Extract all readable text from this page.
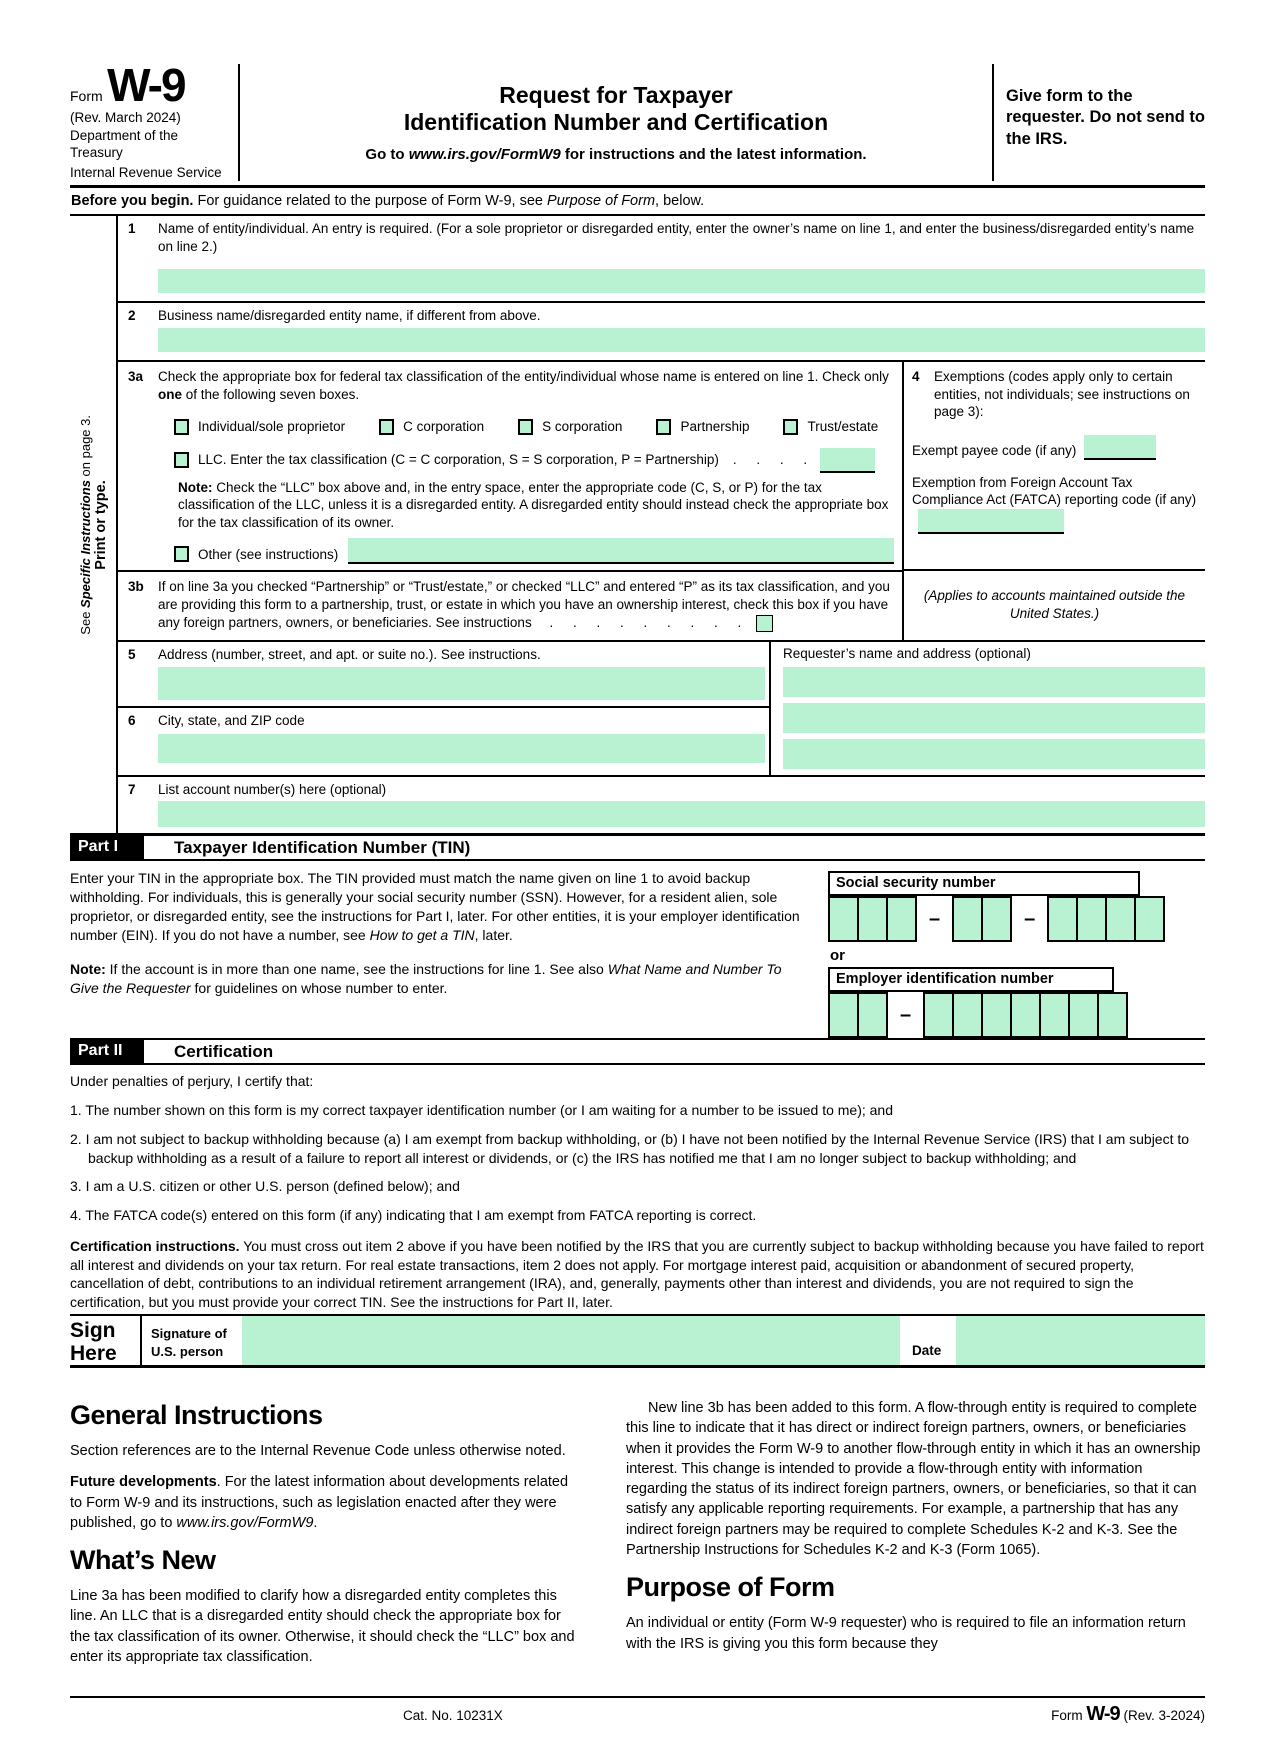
Form W-9
(Rev. March 2024)
Department of the Treasury
Internal Revenue Service
Request for Taxpayer
Identification Number and Certification
Go to www.irs.gov/FormW9 for instructions and the latest information.
Give form to the requester. Do not send to the IRS.
Before you begin. For guidance related to the purpose of Form W-9, see Purpose of Form, below.
Print or type.
See Specific Instructions on page 3.
1	Name of entity/individual. An entry is required. (For a sole proprietor or disregarded entity, enter the owner’s name on line 1, and enter the business/disregarded entity’s name on line 2.)
2	Business name/disregarded entity name, if different from above.
3a	Check the appropriate box for federal tax classification of the entity/individual whose name is entered on line 1. Check only one of the following seven boxes.
Individual/sole proprietor	C corporation	S corporation	Partnership	Trust/estate
LLC. Enter the tax classification (C = C corporation, S = S corporation, P = Partnership) . . . .
Note: Check the “LLC” box above and, in the entry space, enter the appropriate code (C, S, or P) for the tax classification of the LLC, unless it is a disregarded entity. A disregarded entity should instead check the appropriate box for the tax classification of its owner.
Other (see instructions)
3b	If on line 3a you checked “Partnership” or “Trust/estate,” or checked “LLC” and entered “P” as its tax classification, and you are providing this form to a partnership, trust, or estate in which you have an ownership interest, check this box if you have any foreign partners, owners, or beneficiaries. See instructions . . . . . . . . .
4	Exemptions (codes apply only to certain entities, not individuals; see instructions on page 3):
Exempt payee code (if any)
Exemption from Foreign Account Tax Compliance Act (FATCA) reporting code (if any)
(Applies to accounts maintained outside the United States.)
5	Address (number, street, and apt. or suite no.). See instructions.
6	City, state, and ZIP code
Requester’s name and address (optional)
7	List account number(s) here (optional)
Part I	Taxpayer Identification Number (TIN)

Enter your TIN in the appropriate box. The TIN provided must match the name given on line 1 to avoid backup withholding. For individuals, this is generally your social security number (SSN). However, for a resident alien, sole proprietor, or disregarded entity, see the instructions for Part I, later. For other entities, it is your employer identification number (EIN). If you do not have a number, see How to get a TIN, later.

Note: If the account is in more than one name, see the instructions for line 1. See also What Name and Number To Give the Requester for guidelines on whose number to enter.

Social security number
–	–
or
Employer identification number
–
Part II	Certification
Under penalties of perjury, I certify that:
1. The number shown on this form is my correct taxpayer identification number (or I am waiting for a number to be issued to me); and
2. I am not subject to backup withholding because (a) I am exempt from backup withholding, or (b) I have not been notified by the Internal Revenue Service (IRS) that I am subject to backup withholding as a result of a failure to report all interest or dividends, or (c) the IRS has notified me that I am no longer subject to backup withholding; and
3. I am a U.S. citizen or other U.S. person (defined below); and
4. The FATCA code(s) entered on this form (if any) indicating that I am exempt from FATCA reporting is correct.
Certification instructions. You must cross out item 2 above if you have been notified by the IRS that you are currently subject to backup withholding because you have failed to report all interest and dividends on your tax return. For real estate transactions, item 2 does not apply. For mortgage interest paid, acquisition or abandonment of secured property, cancellation of debt, contributions to an individual retirement arrangement (IRA), and, generally, payments other than interest and dividends, you are not required to sign the certification, but you must provide your correct TIN. See the instructions for Part II, later.
Sign
Here
Signature of
U.S. person	Date
General Instructions

Section references are to the Internal Revenue Code unless otherwise noted.

Future developments. For the latest information about developments related to Form W-9 and its instructions, such as legislation enacted after they were published, go to www.irs.gov/FormW9.

What’s New

Line 3a has been modified to clarify how a disregarded entity completes this line. An LLC that is a disregarded entity should check the appropriate box for the tax classification of its owner. Otherwise, it should check the “LLC” box and enter its appropriate tax classification.

New line 3b has been added to this form. A flow-through entity is required to complete this line to indicate that it has direct or indirect foreign partners, owners, or beneficiaries when it provides the Form W-9 to another flow-through entity in which it has an ownership interest. This change is intended to provide a flow-through entity with information regarding the status of its indirect foreign partners, owners, or beneficiaries, so that it can satisfy any applicable reporting requirements. For example, a partnership that has any indirect foreign partners may be required to complete Schedules K-2 and K-3. See the Partnership Instructions for Schedules K-2 and K-3 (Form 1065).

Purpose of Form

An individual or entity (Form W-9 requester) who is required to file an information return with the IRS is giving you this form because they

Cat. No. 10231X	Form W-9 (Rev. 3-2024)
